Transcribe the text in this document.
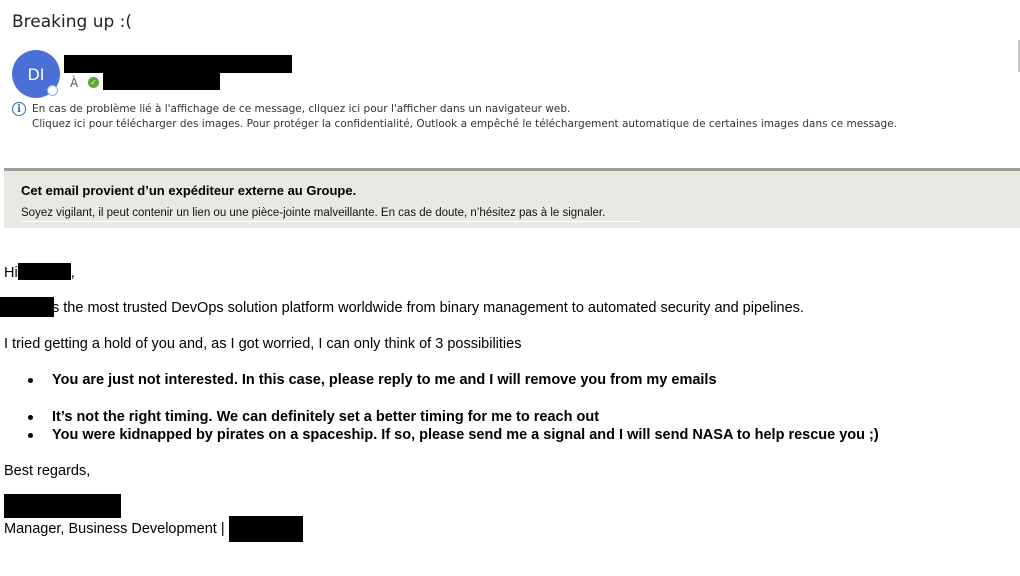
Breaking up :(
DI À ✓
i	En cas de problème lié à l'affichage de ce message, cliquez ici pour l'afficher dans un navigateur web.
Cliquez ici pour télécharger des images. Pour protéger la confidentialité, Outlook a empêché le téléchargement automatique de certaines images dans ce message.
Cet email provient d’un expéditeur externe au Groupe.
Soyez vigilant, il peut contenir un lien ou une pièce-jointe malveillante. En cas de doute, n’hésitez pas à le signaler.
Hi	,
s the most trusted DevOps solution platform worldwide from binary management to automated security and pipelines.
I tried getting a hold of you and, as I got worried, I can only think of 3 possibilities
You are just not interested. In this case, please reply to me and I will remove you from my emails
It’s not the right timing. We can definitely set a better timing for me to reach out
You were kidnapped by pirates on a spaceship. If so, please send me a signal and I will send NASA to help rescue you ;)
Best regards,
Manager, Business Development |
